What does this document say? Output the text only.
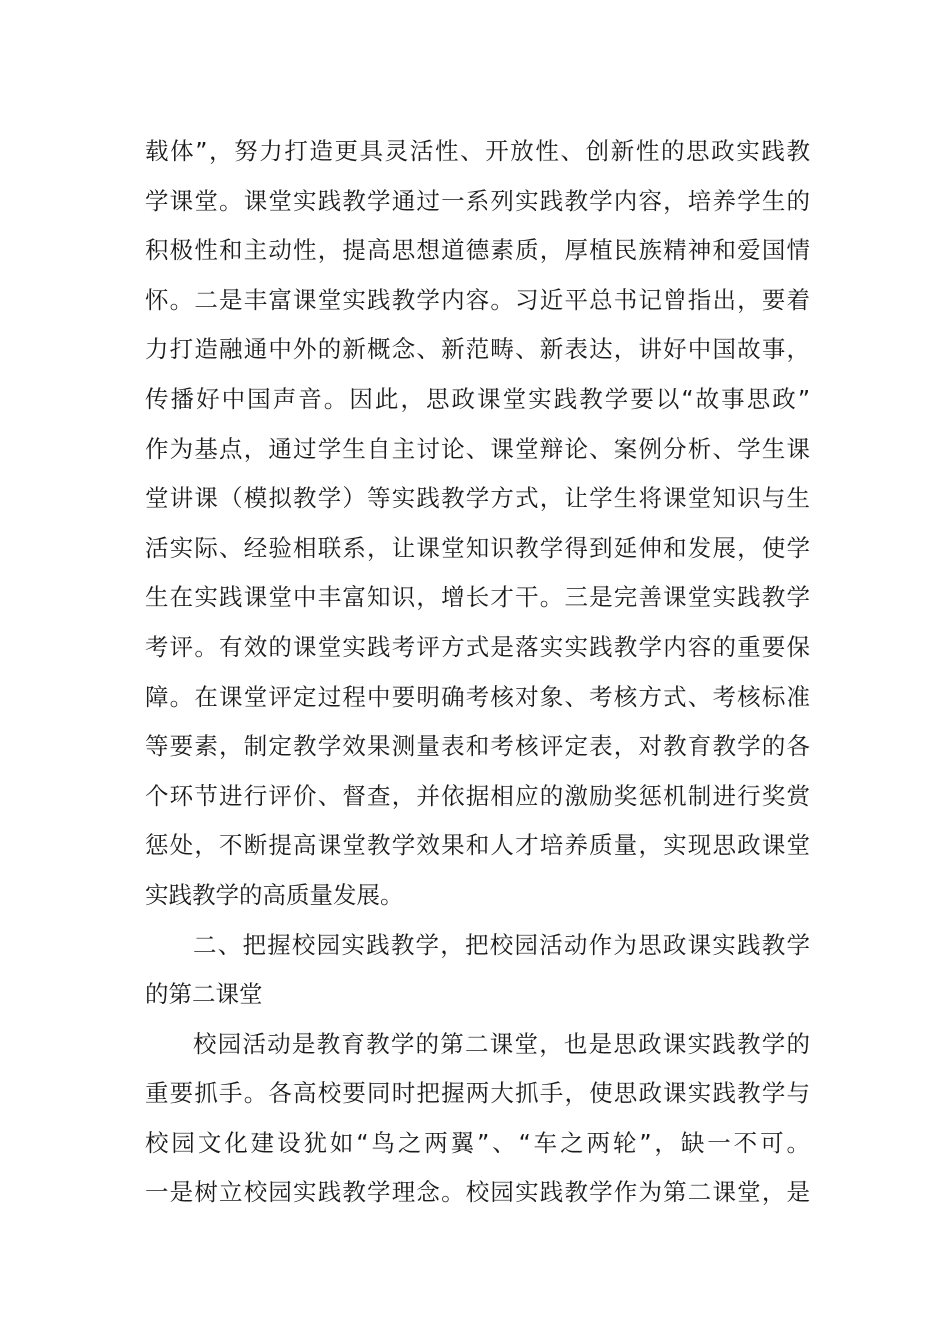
载体”，努力打造更具灵活性、开放性、创新性的思政实践教
学课堂。课堂实践教学通过一系列实践教学内容，培养学生的
积极性和主动性，提高思想道德素质，厚植民族精神和爱国情
怀。二是丰富课堂实践教学内容。习近平总书记曾指出，要着
力打造融通中外的新概念、新范畴、新表达，讲好中国故事，
传播好中国声音。因此，思政课堂实践教学要以“故事思政”
作为基点，通过学生自主讨论、课堂辩论、案例分析、学生课
堂讲课（模拟教学）等实践教学方式，让学生将课堂知识与生
活实际、经验相联系，让课堂知识教学得到延伸和发展，使学
生在实践课堂中丰富知识，增长才干。三是完善课堂实践教学
考评。有效的课堂实践考评方式是落实实践教学内容的重要保
障。在课堂评定过程中要明确考核对象、考核方式、考核标准
等要素，制定教学效果测量表和考核评定表，对教育教学的各
个环节进行评价、督查，并依据相应的激励奖惩机制进行奖赏
惩处，不断提高课堂教学效果和人才培养质量，实现思政课堂
实践教学的高质量发展。
二、把握校园实践教学，把校园活动作为思政课实践教学
的第二课堂
校园活动是教育教学的第二课堂，也是思政课实践教学的
重要抓手。各高校要同时把握两大抓手，使思政课实践教学与
校园文化建设犹如“鸟之两翼”、“车之两轮”，缺一不可。
一是树立校园实践教学理念。校园实践教学作为第二课堂，是
